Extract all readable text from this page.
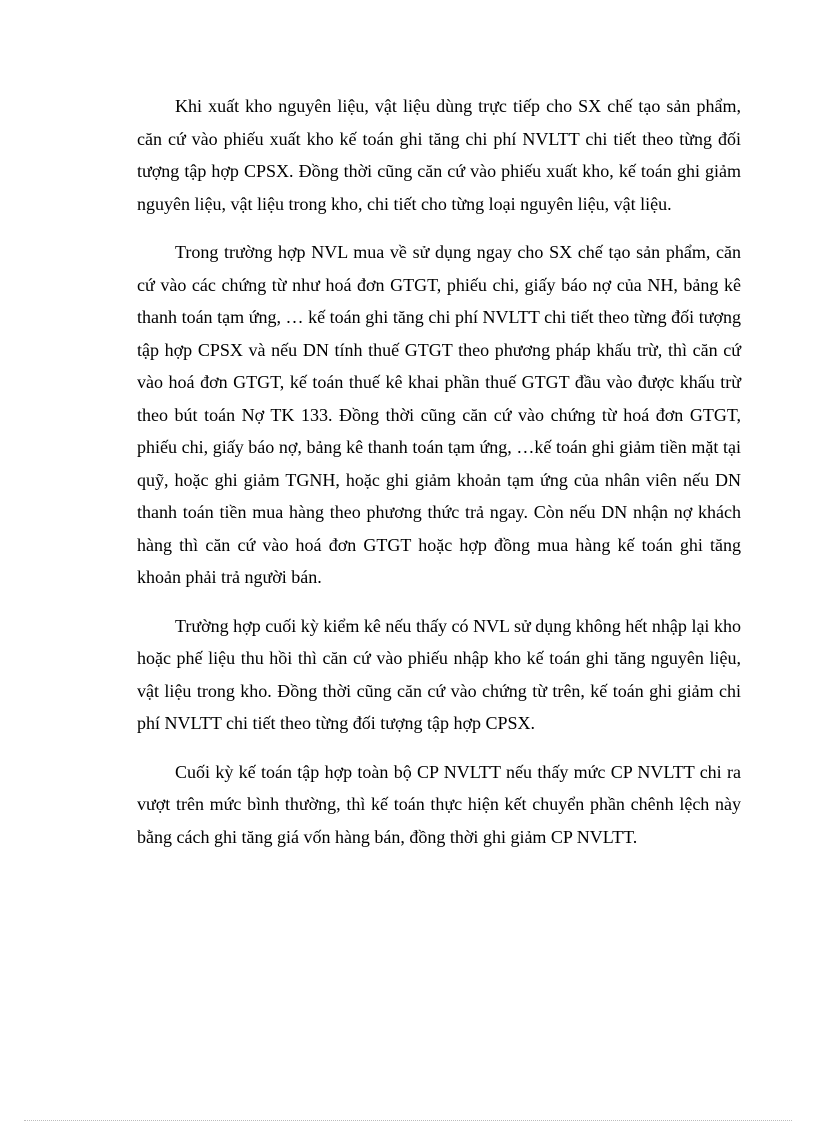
Khi xuất kho nguyên liệu, vật liệu dùng trực tiếp cho SX chế tạo sản phẩm, căn cứ vào phiếu xuất kho kế toán ghi tăng chi phí NVLTT chi tiết theo từng đối tượng tập hợp CPSX. Đồng thời cũng căn cứ vào phiếu xuất kho, kế toán ghi giảm nguyên liệu, vật liệu trong kho, chi tiết cho từng loại nguyên liệu, vật liệu.

Trong trường hợp NVL mua về sử dụng ngay cho SX chế tạo sản phẩm, căn cứ vào các chứng từ như hoá đơn GTGT, phiếu chi, giấy báo nợ của NH, bảng kê thanh toán tạm ứng, … kế toán ghi tăng chi phí NVLTT chi tiết theo từng đối tượng tập hợp CPSX và nếu DN tính thuế GTGT theo phương pháp khấu trừ, thì căn cứ vào hoá đơn GTGT, kế toán thuế kê khai phần thuế GTGT đầu vào được khấu trừ theo bút toán Nợ TK 133. Đồng thời cũng căn cứ vào chứng từ hoá đơn GTGT, phiếu chi, giấy báo nợ, bảng kê thanh toán tạm ứng, …kế toán ghi giảm tiền mặt tại quỹ, hoặc ghi giảm TGNH, hoặc ghi giảm khoản tạm ứng của nhân viên nếu DN thanh toán tiền mua hàng theo phương thức trả ngay. Còn nếu DN nhận nợ khách hàng thì căn cứ vào hoá đơn GTGT hoặc hợp đồng mua hàng kế toán ghi tăng khoản phải trả người bán.

Trường hợp cuối kỳ kiểm kê nếu thấy có NVL sử dụng không hết nhập lại kho hoặc phế liệu thu hồi thì căn cứ vào phiếu nhập kho kế toán ghi tăng nguyên liệu, vật liệu trong kho. Đồng thời cũng căn cứ vào chứng từ trên, kế toán ghi giảm chi phí NVLTT chi tiết theo từng đối tượng tập hợp CPSX.

Cuối kỳ kế toán tập hợp toàn bộ CP NVLTT nếu thấy mức CP NVLTT chi ra vượt trên mức bình thường, thì kế toán thực hiện kết chuyển phần chênh lệch này bằng cách ghi tăng giá vốn hàng bán, đồng thời ghi giảm CP NVLTT.
